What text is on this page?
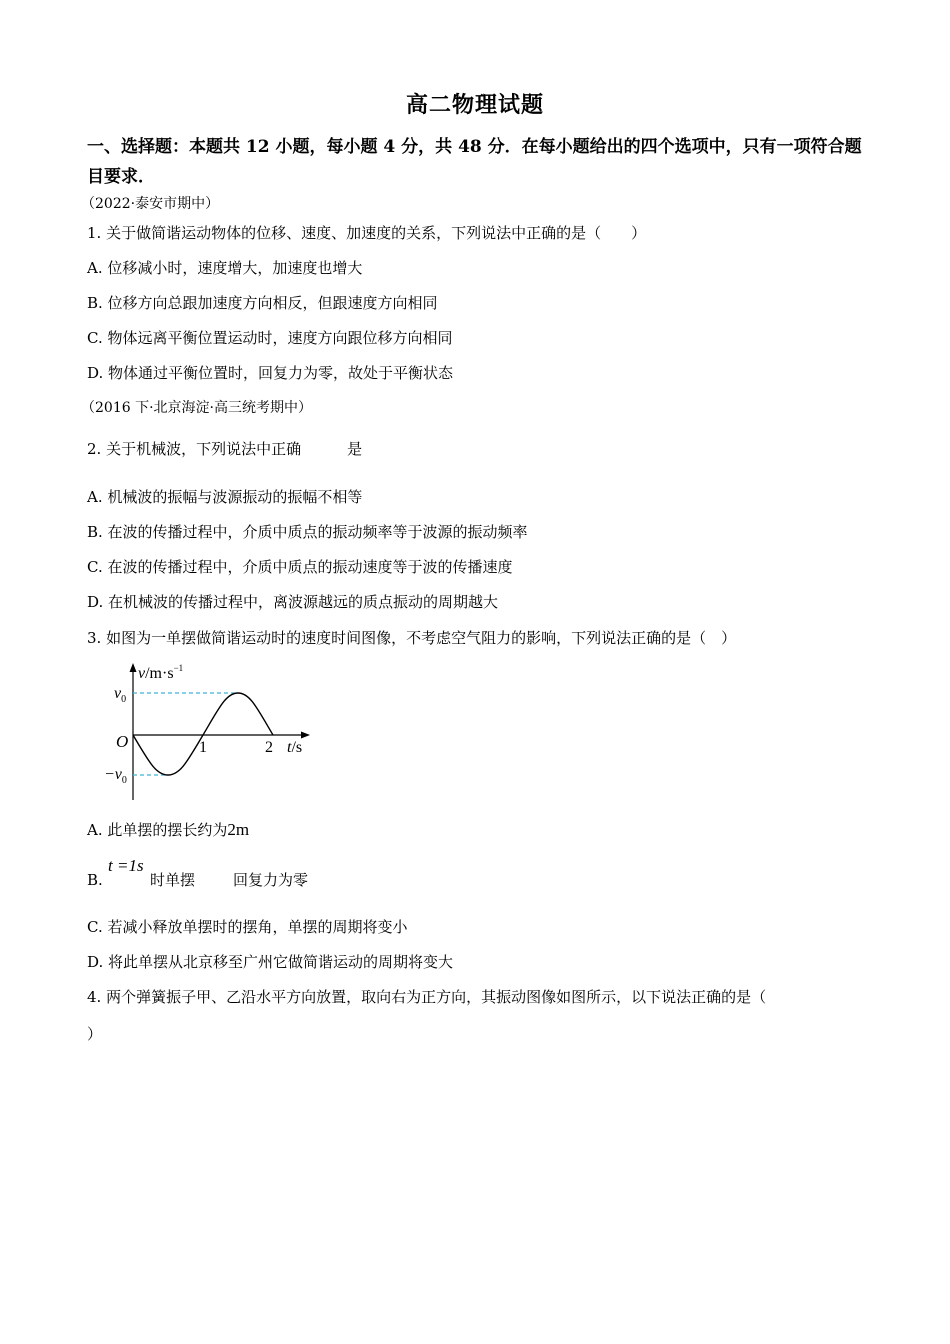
高二物理试题
一、选择题：本题共 12 小题，每小题 4 分，共 48 分．在每小题给出的四个选项中，只有一项符合题目要求．
（2022·泰安市期中）
1. 关于做简谐运动物体的位移、速度、加速度的关系，下列说法中正确的是（　　）
A. 位移减小时，速度增大，加速度也增大
B. 位移方向总跟加速度方向相反，但跟速度方向相同
C. 物体远离平衡位置运动时，速度方向跟位移方向相同
D. 物体通过平衡位置时，回复力为零，故处于平衡状态
（2016 下·北京海淀·高三统考期中）
2. 关于机械波，下列说法中正确	是
A. 机械波的振幅与波源振动的振幅不相等
B. 在波的传播过程中，介质中质点的振动频率等于波源的振动频率
C. 在波的传播过程中，介质中质点的振动速度等于波的传播速度
D. 在机械波的传播过程中，离波源越远的质点振动的周期越大
3. 如图为一单摆做简谐运动时的速度时间图像，不考虑空气阻力的影响，下列说法正确的是（　）
$v/m\cdot s^{-1}$
$v_0$
O
$-v_0$
1	2 t/s
A. 此单摆的摆长约为2m
B.
t =1s
时单摆	回复力为零
C. 若减小释放单摆时的摆角，单摆的周期将变小
D. 将此单摆从北京移至广州它做简谐运动的周期将变大
4. 两个弹簧振子甲、乙沿水平方向放置，取向右为正方向，其振动图像如图所示，以下说法正确的是（
）
